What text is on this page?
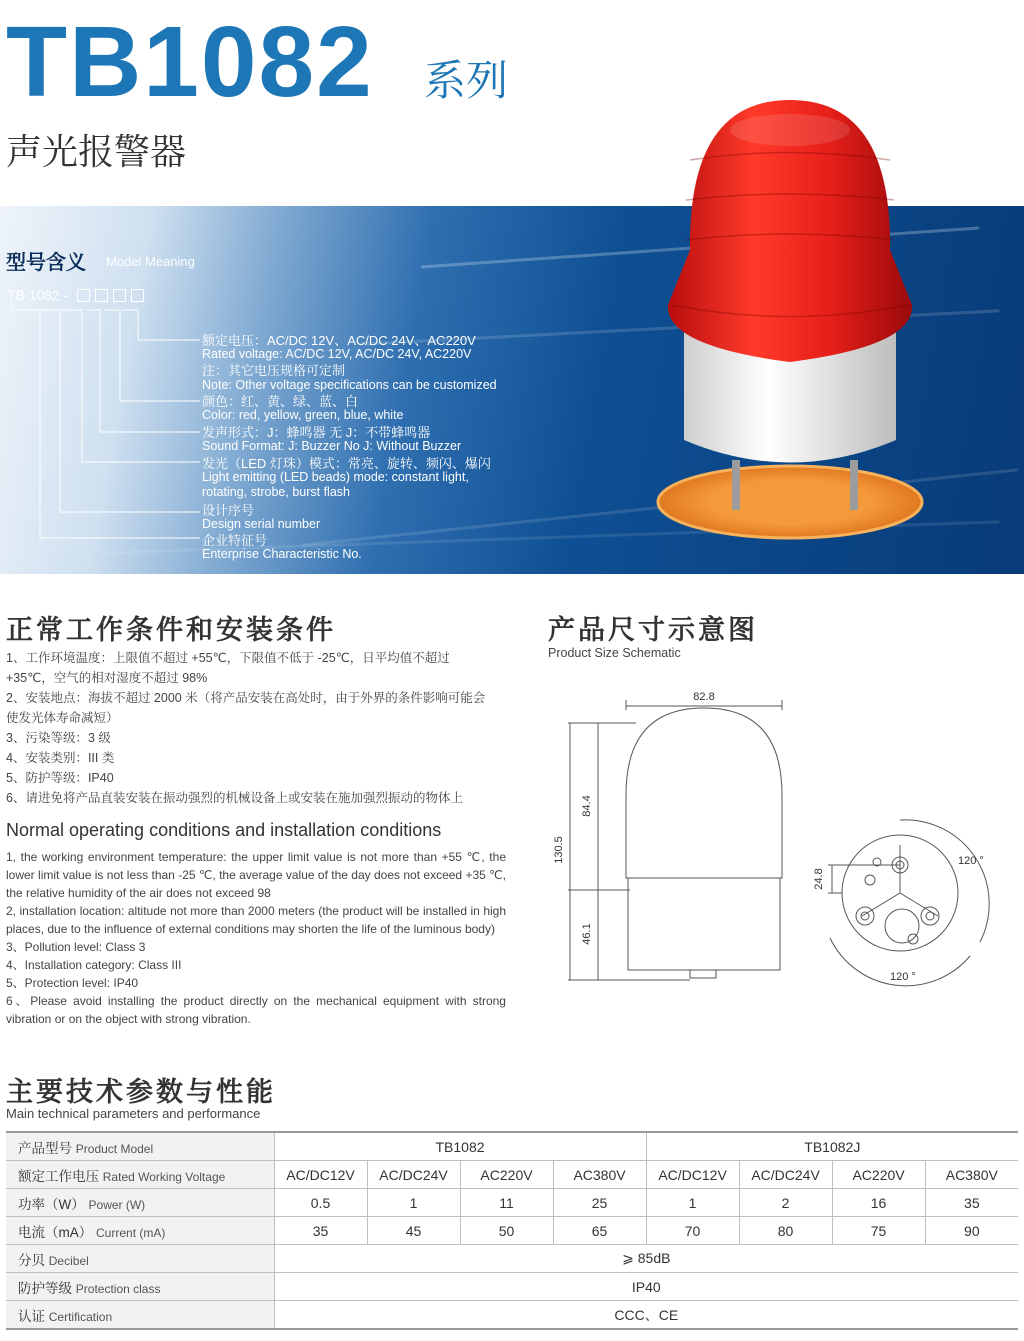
TB1082 系列
声光报警器
型号含义 Model Meaning
TB 1082 -
额定电压：AC/DC 12V、AC/DC 24V、AC220V
Rated voltage: AC/DC 12V, AC/DC 24V, AC220V
注：其它电压规格可定制
Note: Other voltage specifications can be customized
颜色：红、黄、绿、蓝、白
Color: red, yellow, green, blue, white
发声形式：J：蜂鸣器 无 J：不带蜂鸣器
Sound Format: J: Buzzer No J: Without Buzzer
发光（LED 灯珠）模式：常亮、旋转、频闪、爆闪
Light emitting (LED beads) mode: constant light,
rotating, strobe, burst flash
设计序号
Design serial number
企业特征号
Enterprise Characteristic No.
正常工作条件和安装条件
1、工作环境温度：上限值不超过 +55℃，下限值不低于 -25℃，日平均值不超过
+35℃，空气的相对湿度不超过 98%
2、安装地点：海拔不超过 2000 米（将产品安装在高处时，由于外界的条件影响可能会
使发光体寿命减短）
3、污染等级：3 级
4、安装类别：III 类
5、防护等级：IP40
6、请进免将产品直装安装在振动强烈的机械设备上或安装在施加强烈振动的物体上
Normal operating conditions and installation conditions
1, the working environment temperature: the upper limit value is not more than +55 ℃, the lower limit value is not less than -25 ℃, the average value of the day does not exceed +35 ℃, the relative humidity of the air does not exceed 98
2, installation location: altitude not more than 2000 meters (the product will be installed in high places, due to the influence of external conditions may shorten the life of the luminous body)
3、Pollution level: Class 3
4、Installation category: Class III
5、Protection level: IP40
6、Please avoid installing the product directly on the mechanical equipment with strong vibration or on the object with strong vibration.
产品尺寸示意图
Product Size Schematic
82.8
84.4
130.5
46.1
24.8
120 °
120 °
主要技术参数与性能
Main technical parameters and performance
产品型号 Product Model	TB1082				TB1082J			
额定工作电压 Rated Working Voltage	AC/DC12V	AC/DC24V	AC220V	AC380V	AC/DC12V	AC/DC24V	AC220V	AC380V
功率（W） Power (W)	0.5	1	11	25	1	2	16	35
电流（mA） Current (mA)	35	45	50	65	70	80	75	90
分贝 Decibel	⩾ 85dB							
防护等级 Protection class	IP40							
认证 Certification	CCC、CE							
